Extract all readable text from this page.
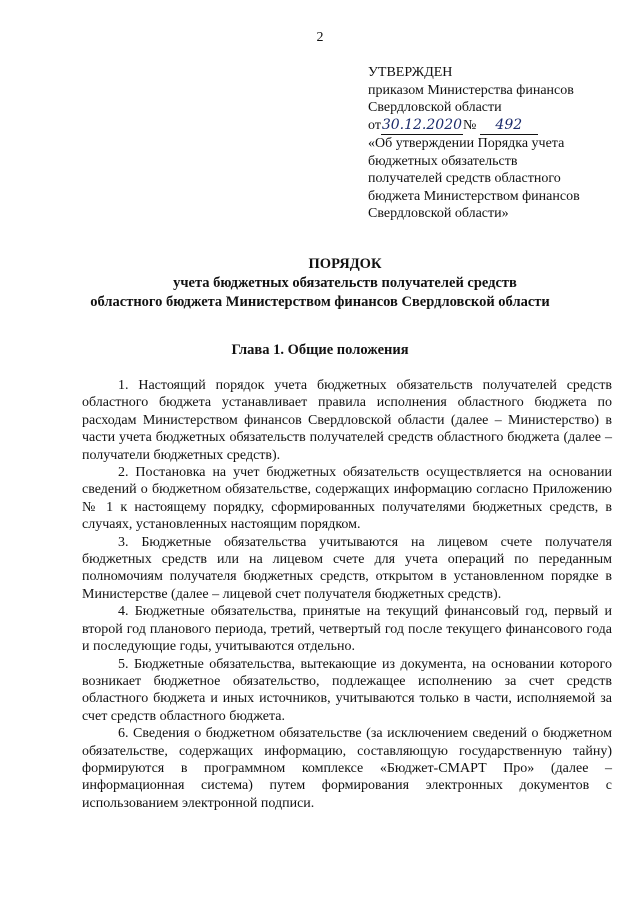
2
УТВЕРЖДЕН
приказом Министерства финансов
Свердловской области
от30.12.2020№ 492
«Об утверждении Порядка учета
бюджетных обязательств
получателей средств областного
бюджета Министерством финансов
Свердловской области»
ПОРЯДОК
учета бюджетных обязательств получателей средств
областного бюджета Министерством финансов Свердловской области
Глава 1. Общие положения

1. Настоящий порядок учета бюджетных обязательств получателей средств областного бюджета устанавливает правила исполнения областного бюджета по расходам Министерством финансов Свердловской области (далее – Министерство) в части учета бюджетных обязательств получателей средств областного бюджета (далее – получатели бюджетных средств).

2. Постановка на учет бюджетных обязательств осуществляется на основании сведений о бюджетном обязательстве, содержащих информацию согласно Приложению № 1 к настоящему порядку, сформированных получателями бюджетных средств, в случаях, установленных настоящим порядком.

3. Бюджетные обязательства учитываются на лицевом счете получателя бюджетных средств или на лицевом счете для учета операций по переданным полномочиям получателя бюджетных средств, открытом в установленном порядке в Министерстве (далее – лицевой счет получателя бюджетных средств).

4. Бюджетные обязательства, принятые на текущий финансовый год, первый и второй год планового периода, третий, четвертый год после текущего финансового года и последующие годы, учитываются отдельно.

5. Бюджетные обязательства, вытекающие из документа, на основании которого возникает бюджетное обязательство, подлежащее исполнению за счет средств областного бюджета и иных источников, учитываются только в части, исполняемой за счет средств областного бюджета.

6. Сведения о бюджетном обязательстве (за исключением сведений о бюджетном обязательстве, содержащих информацию, составляющую государственную тайну) формируются в программном комплексе «Бюджет-СМАРТ Про» (далее – информационная система) путем формирования электронных документов с использованием электронной подписи.
